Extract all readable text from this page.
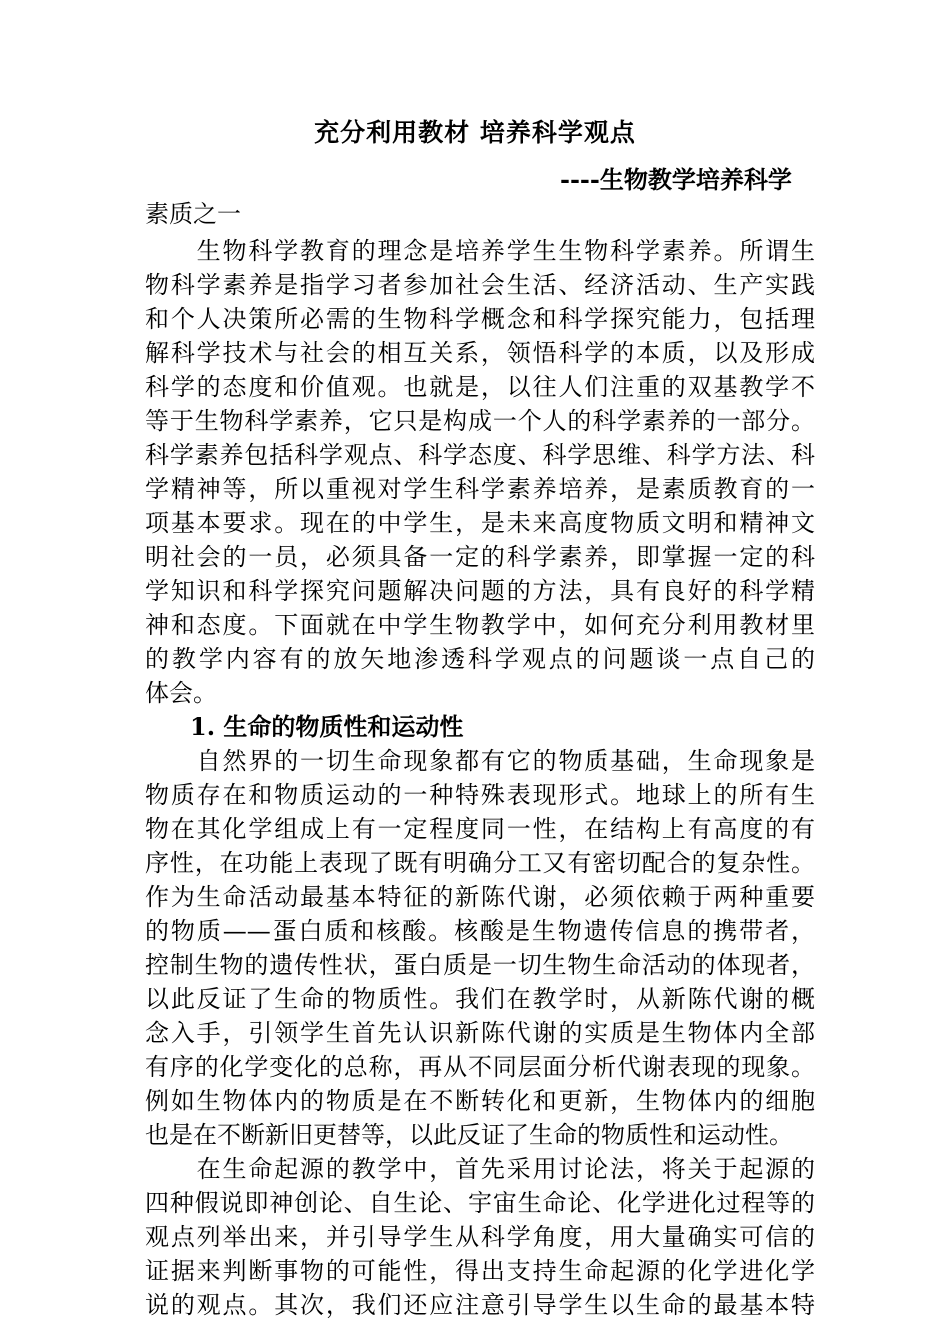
充分利用教材 培养科学观点
----生物教学培养科学
素质之一
　　生物科学教育的理念是培养学生生物科学素养。所谓生
物科学素养是指学习者参加社会生活、经济活动、生产实践
和个人决策所必需的生物科学概念和科学探究能力，包括理
解科学技术与社会的相互关系，领悟科学的本质，以及形成
科学的态度和价值观。也就是，以往人们注重的双基教学不
等于生物科学素养，它只是构成一个人的科学素养的一部分。
科学素养包括科学观点、科学态度、科学思维、科学方法、科
学精神等，所以重视对学生科学素养培养，是素质教育的一
项基本要求。现在的中学生，是未来高度物质文明和精神文
明社会的一员，必须具备一定的科学素养，即掌握一定的科
学知识和科学探究问题解决问题的方法，具有良好的科学精
神和态度。下面就在中学生物教学中，如何充分利用教材里
的教学内容有的放矢地渗透科学观点的问题谈一点自己的
体会。
1. 生命的物质性和运动性
　　自然界的一切生命现象都有它的物质基础，生命现象是
物质存在和物质运动的一种特殊表现形式。地球上的所有生
物在其化学组成上有一定程度同一性，在结构上有高度的有
序性，在功能上表现了既有明确分工又有密切配合的复杂性。
作为生命活动最基本特征的新陈代谢，必须依赖于两种重要
的物质——蛋白质和核酸。核酸是生物遗传信息的携带者，
控制生物的遗传性状，蛋白质是一切生物生命活动的体现者，
以此反证了生命的物质性。我们在教学时，从新陈代谢的概
念入手，引领学生首先认识新陈代谢的实质是生物体内全部
有序的化学变化的总称，再从不同层面分析代谢表现的现象。
例如生物体内的物质是在不断转化和更新，生物体内的细胞
也是在不断新旧更替等，以此反证了生命的物质性和运动性。
　　在生命起源的教学中，首先采用讨论法，将关于起源的
四种假说即神创论、自生论、宇宙生命论、化学进化过程等的
观点列举出来，并引导学生从科学角度，用大量确实可信的
证据来判断事物的可能性，得出支持生命起源的化学进化学
说的观点。其次，我们还应注意引导学生以生命的最基本特
